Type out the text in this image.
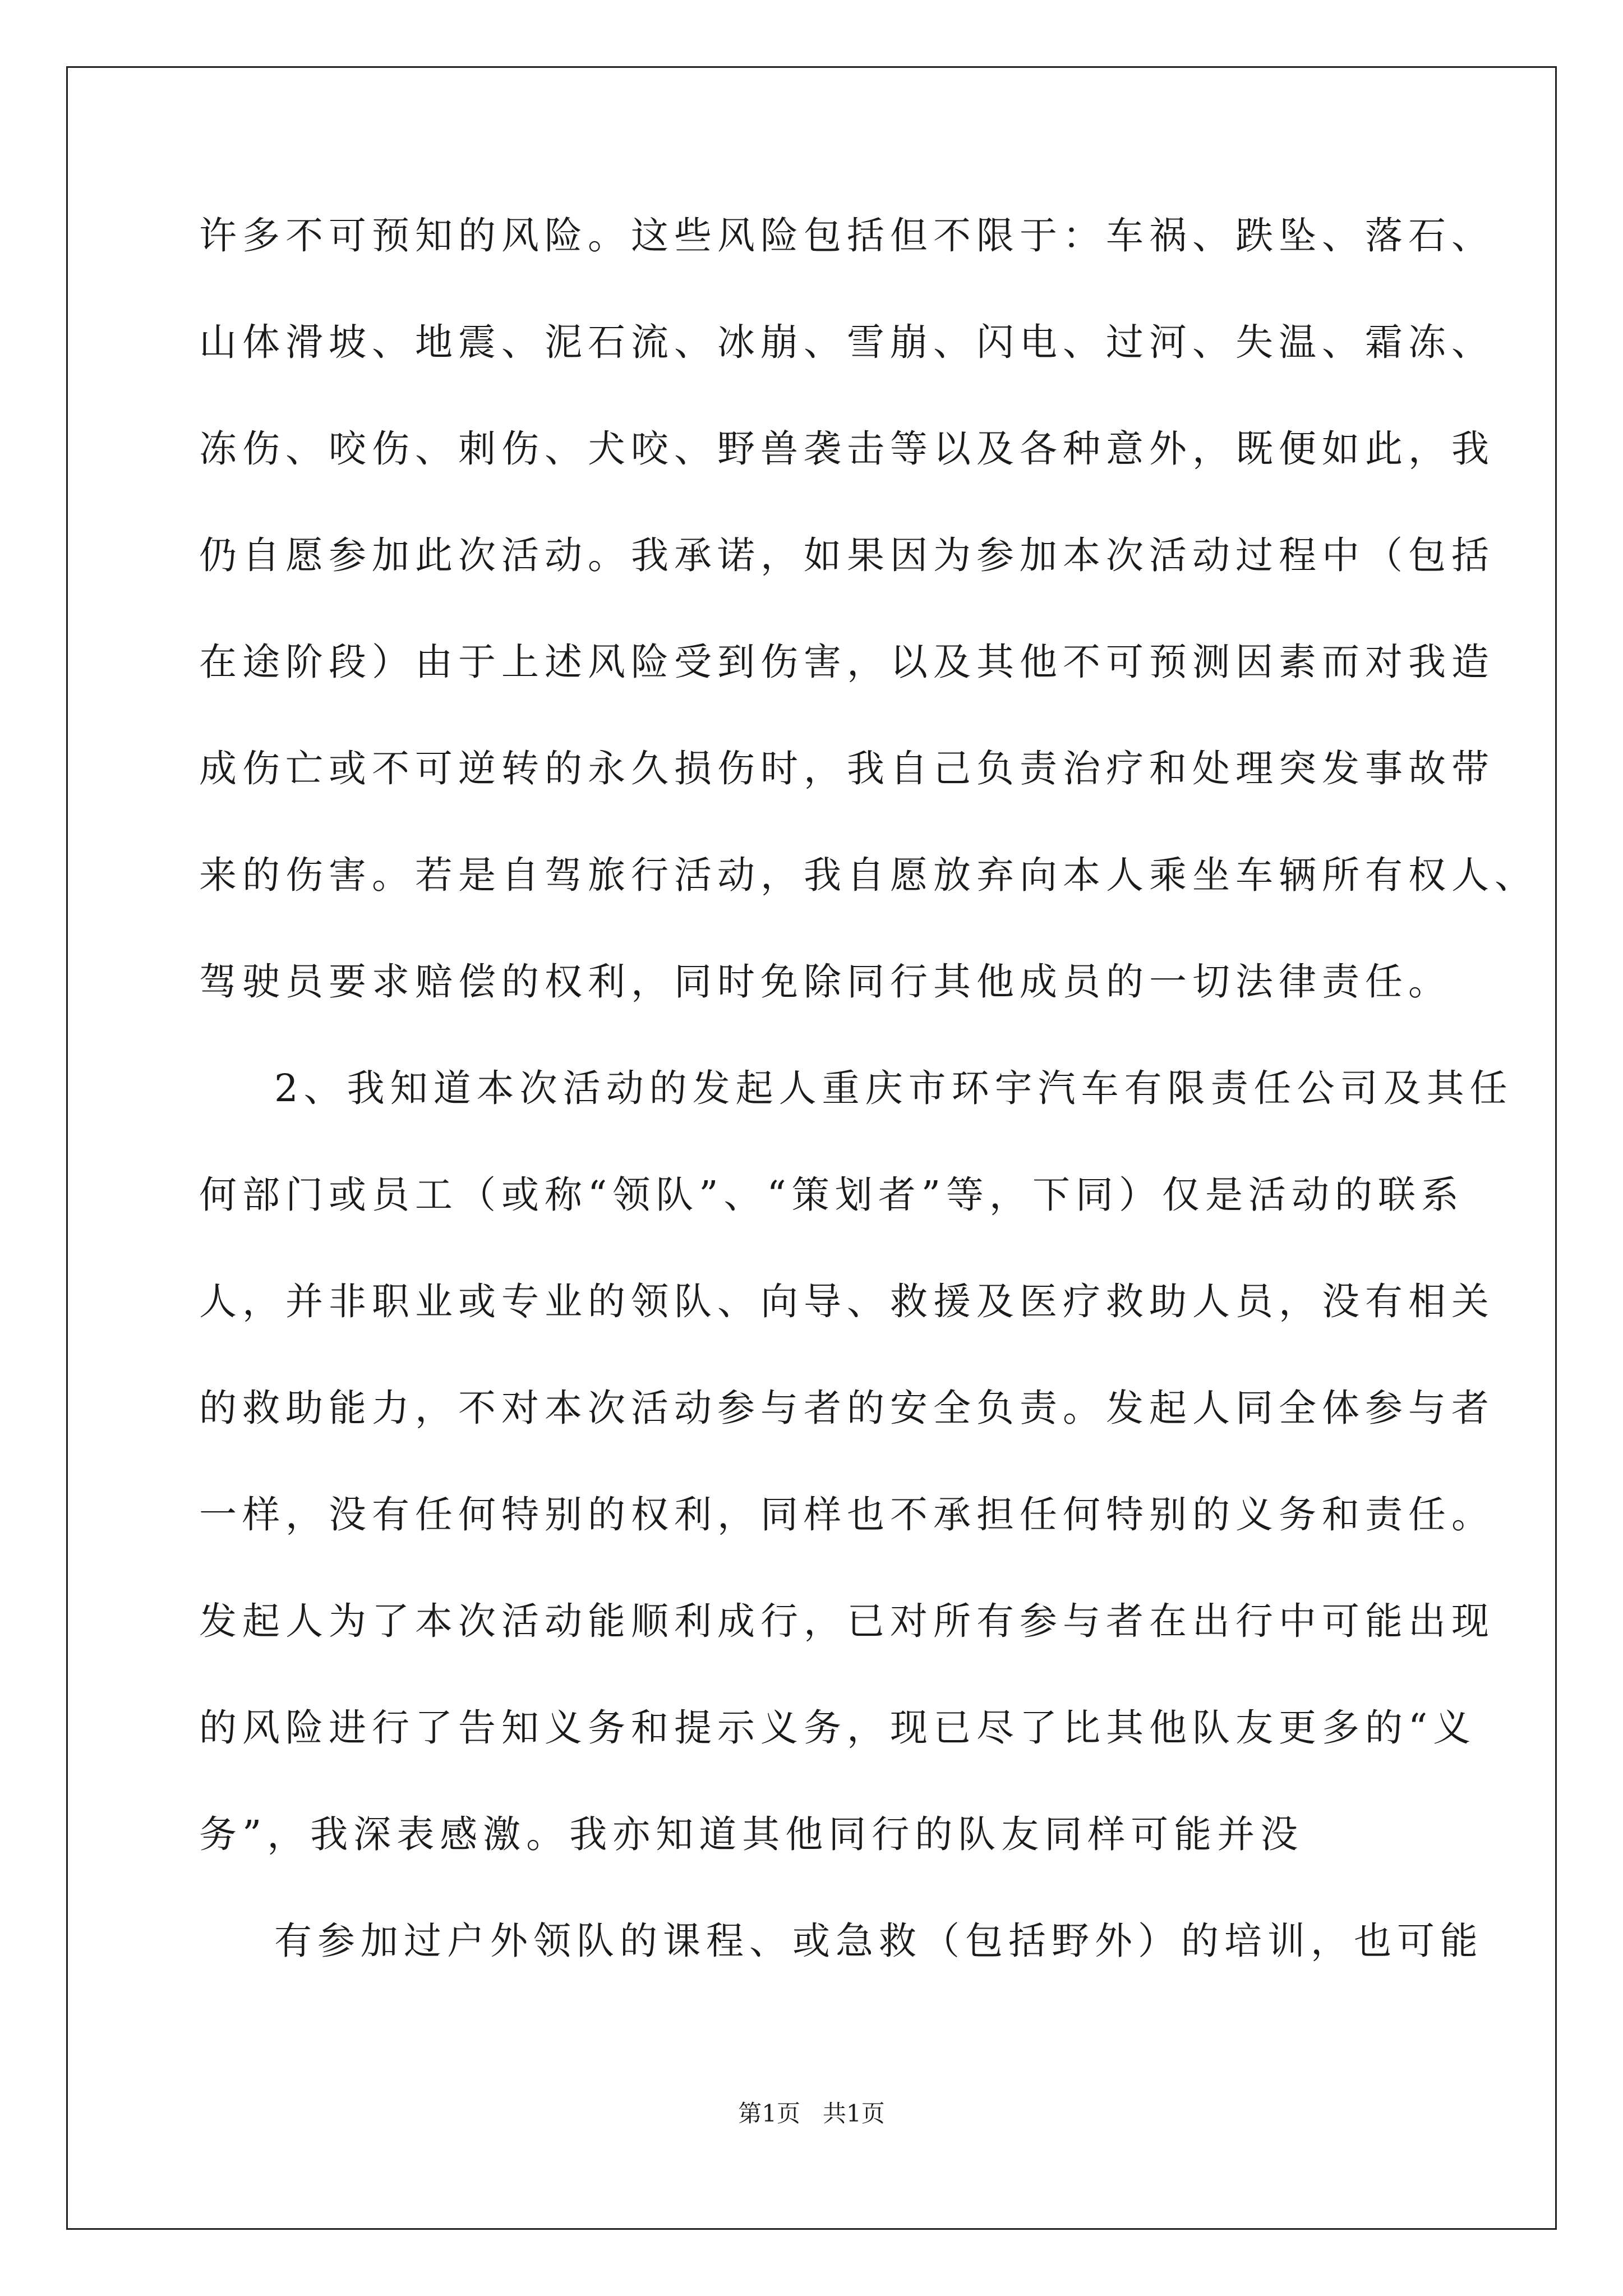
许多不可预知的风险。这些风险包括但不限于：车祸、跌坠、落石、
山体滑坡、地震、泥石流、冰崩、雪崩、闪电、过河、失温、霜冻、
冻伤、咬伤、刺伤、犬咬、野兽袭击等以及各种意外，既便如此，我
仍自愿参加此次活动。我承诺，如果因为参加本次活动过程中（包括
在途阶段）由于上述风险受到伤害，以及其他不可预测因素而对我造
成伤亡或不可逆转的永久损伤时，我自己负责治疗和处理突发事故带
来的伤害。若是自驾旅行活动，我自愿放弃向本人乘坐车辆所有权人、
驾驶员要求赔偿的权利，同时免除同行其他成员的一切法律责任。
2、我知道本次活动的发起人重庆市环宇汽车有限责任公司及其任
何部门或员工（或称“领队”、“策划者”等，下同）仅是活动的联系
人，并非职业或专业的领队、向导、救援及医疗救助人员，没有相关
的救助能力，不对本次活动参与者的安全负责。发起人同全体参与者
一样，没有任何特别的权利，同样也不承担任何特别的义务和责任。
发起人为了本次活动能顺利成行，已对所有参与者在出行中可能出现
的风险进行了告知义务和提示义务，现已尽了比其他队友更多的“义
务”，我深表感激。我亦知道其他同行的队友同样可能并没
有参加过户外领队的课程、或急救（包括野外）的培训，也可能
第1页   共1页
